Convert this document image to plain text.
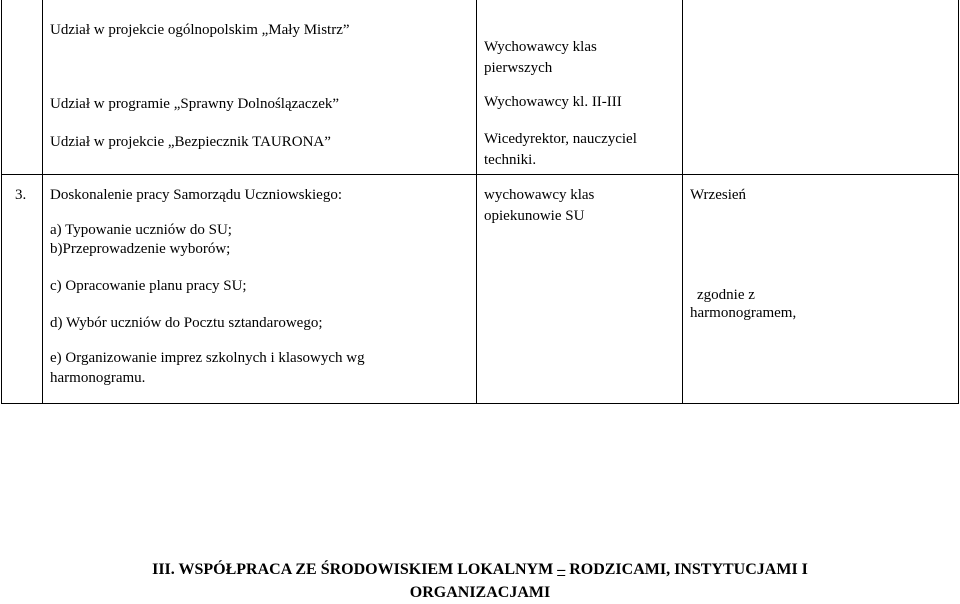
Udział w projekcie ogólnopolskim „Mały Mistrz”
Udział w programie „Sprawny Dolnoślązaczek”
Udział w projekcie „Bezpiecznik TAURONA”
Wychowawcy klas
pierwszych
Wychowawcy kl. II-III
Wicedyrektor, nauczyciel
techniki.
3. Doskonalenie pracy Samorządu Uczniowskiego:
a) Typowanie uczniów do SU;
b)Przeprowadzenie wyborów;
c) Opracowanie planu pracy SU;
d) Wybór uczniów do Pocztu sztandarowego;
e) Organizowanie imprez szkolnych i klasowych wg
harmonogramu.
wychowawcy klas
opiekunowie SU
Wrzesień
zgodnie z
harmonogramem,
III. WSPÓŁPRACA ZE ŚRODOWISKIEM LOKALNYM – RODZICAMI, INSTYTUCJAMI I
ORGANIZACJAMI
